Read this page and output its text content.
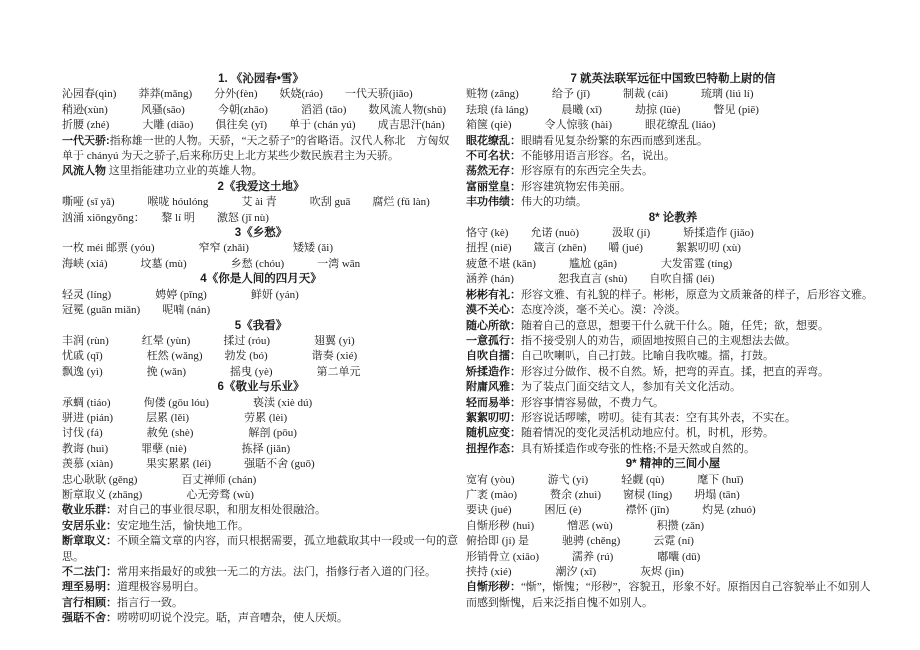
1. 《沁园春•雪》
沁园春(qìn)　　莽莽(mǎng)　　分外(fèn)　　妖娆(ráo)　　一代天骄(jiāo)
稍逊(xùn)　　　风骚(sāo)　　　今朝(zhāo)　　　滔滔 (tāo)　　数风流人物(shǔ)
折腰 (zhé)　　　大雕 (diāo)　　俱往矣 (yǐ)　　单于 (chán yú)　　成吉思汗(hán)
一代天骄:指称雄一世的人物。天骄，“天之骄子”的省略语。汉代人称北　方匈奴单于 chányú 为天之骄子,后来称历史上北方某些少数民族君主为天骄。
风流人物 这里指能建功立业的英雄人物。
2《我爱这土地》
嘶哑 (sī yǎ)　　　喉咙 hóulóng　　　艾 ài 青　　　吹刮 guā　　腐烂 (fǔ làn)
汹涌 xiōngyǒng：　　黎 lí 明　　激怒 (jī nù)
3《乡愁》
一枚 méi 邮票 (yóu)　　　　窄窄 (zhǎi)　　　　矮矮 (ǎi)
海峡 (xiá)　　　坟墓 (mù)　　　　乡愁 (chóu)　　　一湾 wān
4《你是人间的四月天》
轻灵 (líng)　　　　娉婷 (pīng)　　　　鲜妍 (yán)
冠冕 (guān miǎn)　　呢喃 (nán)
5《我看》
丰润 (rùn)　　　红晕 (yùn)　　　揉过 (róu)　　　　翅翼 (yì)
忧戚 (qī)　　　　枉然 (wǎng)　　勃发 (bó)　　　　谐奏 (xié)
飘逸 (yì)　　　　挽 (wǎn)　　　　摇曳 (yè)　　　　第二单元
6《敬业与乐业》
承蜩 (tiáo)　　　佝偻 (gōu lóu)　　　　亵渎 (xiè dú)
骈进 (pián)　　　层累 (lěi)　　　　　劳累 (lèi)
讨伐 (fá)　　　　赦免 (shè)　　　　　解剖 (pōu)
教诲 (huì)　　　罪孽 (niè)　　　　　拣择 (jiǎn)
羡慕 (xiàn)　　　果实累累 (léi)　　　强聒不舍 (guō)
忠心耿耿 (gěng)　　　　百丈禅师 (chán)
断章取义 (zhāng)　　　　心无旁骛 (wù)
敬业乐群：对自己的事业很尽职，和朋友相处很融洽。
安居乐业：安定地生活，愉快地工作。
断章取义：不顾全篇文章的内容，而只根据需要，孤立地截取其中一段或一句的意思。
不二法门：常用来指最好的或独一无二的方法。法门，指修行者入道的门径。
理至易明：道理极容易明白。
言行相顾：指言行一致。
强聒不舍：唠唠叨叨说个没完。聒，声音嘈杂，使人厌烦。
7 就英法联军远征中国致巴特勒上尉的信
赃物 (zāng)　　　给予 (jǐ)　　　制裁 (cái)　　　琉璃 (liú lí)
珐琅 (fà láng)　　　晨曦 (xī)　　　劫掠 (lüè)　　　瞥见 (piē)
箱箧 (qiè)　　　令人惊骇 (hài)　　　眼花缭乱 (liáo)
眼花缭乱：眼睛看见复杂纷繁的东西而感到迷乱。
不可名状：不能够用语言形容。名，说出。
荡然无存：形容原有的东西完全失去。
富丽堂皇：形容建筑物宏伟美丽。
丰功伟绩：伟大的功绩。
8* 论教养
恪守 (kè)　　允诺 (nuò)　　　汲取 (jí)　　　矫揉造作 (jiǎo)
扭捏 (niē)　　箴言 (zhēn)　　嚼 (jué)　　　絮絮叨叨 (xù)
疲惫不堪 (kān)　　　尴尬 (gān)　　　　大发雷霆 (tíng)
涵养 (hán)　　　　恕我直言 (shù)　　自吹自擂 (léi)
彬彬有礼：形容文雅、有礼貌的样子。彬彬，原意为文质兼备的样子，后形容文雅。
漠不关心：态度冷淡，毫不关心。漠：冷淡。
随心所欲：随着自己的意思，想要干什么就干什么。随，任凭；欲，想要。
一意孤行：指不接受别人的劝告，顽固地按照自己的主观想法去做。
自吹自擂：自己吹喇叭，自己打鼓。比喻自我吹嘘。擂，打鼓。
矫揉造作：形容过分做作、极不自然。矫，把弯的弄直。揉，把直的弄弯。
附庸风雅：为了装点门面交结文人，参加有关文化活动。
轻而易举：形容事情容易做，不费力气。
絮絮叨叨：形容说话啰嗦，唠叨。徒有其表：空有其外表，不实在。
随机应变：随着情况的变化灵活机动地应付。机，时机，形势。
扭捏作态：具有矫揉造作或夸张的性格;不是天然或自然的。
9* 精神的三间小屋
宽宥 (yòu)　　　游弋 (yì)　　　轻觑 (qù)　　　麾下 (huī)
广袤 (mào)　　　赘余 (zhuì)　　窗棂 (líng)　　坍塌 (tān)
要诀 (jué)　　　困厄 (è)　　　　襟怀 (jīn)　　　灼晃 (zhuó)
自惭形秽 (huì)　　　憎恶 (wù)　　　　积攒 (zǎn)
俯拾即 (jí) 是　　　驰骋 (chěng)　　　云霓 (ní)
形销骨立 (xiāo)　　　濡养 (rú)　　　　嘟囔 (dū)
挟持 (xié)　　　　潮汐 (xī)　　　　灰烬 (jìn)
自惭形秽：“惭”，惭愧；“形秽”，容貌丑，形象不好。原指因自己容貌举止不如别人而感到惭愧，后来泛指自愧不如别人。
